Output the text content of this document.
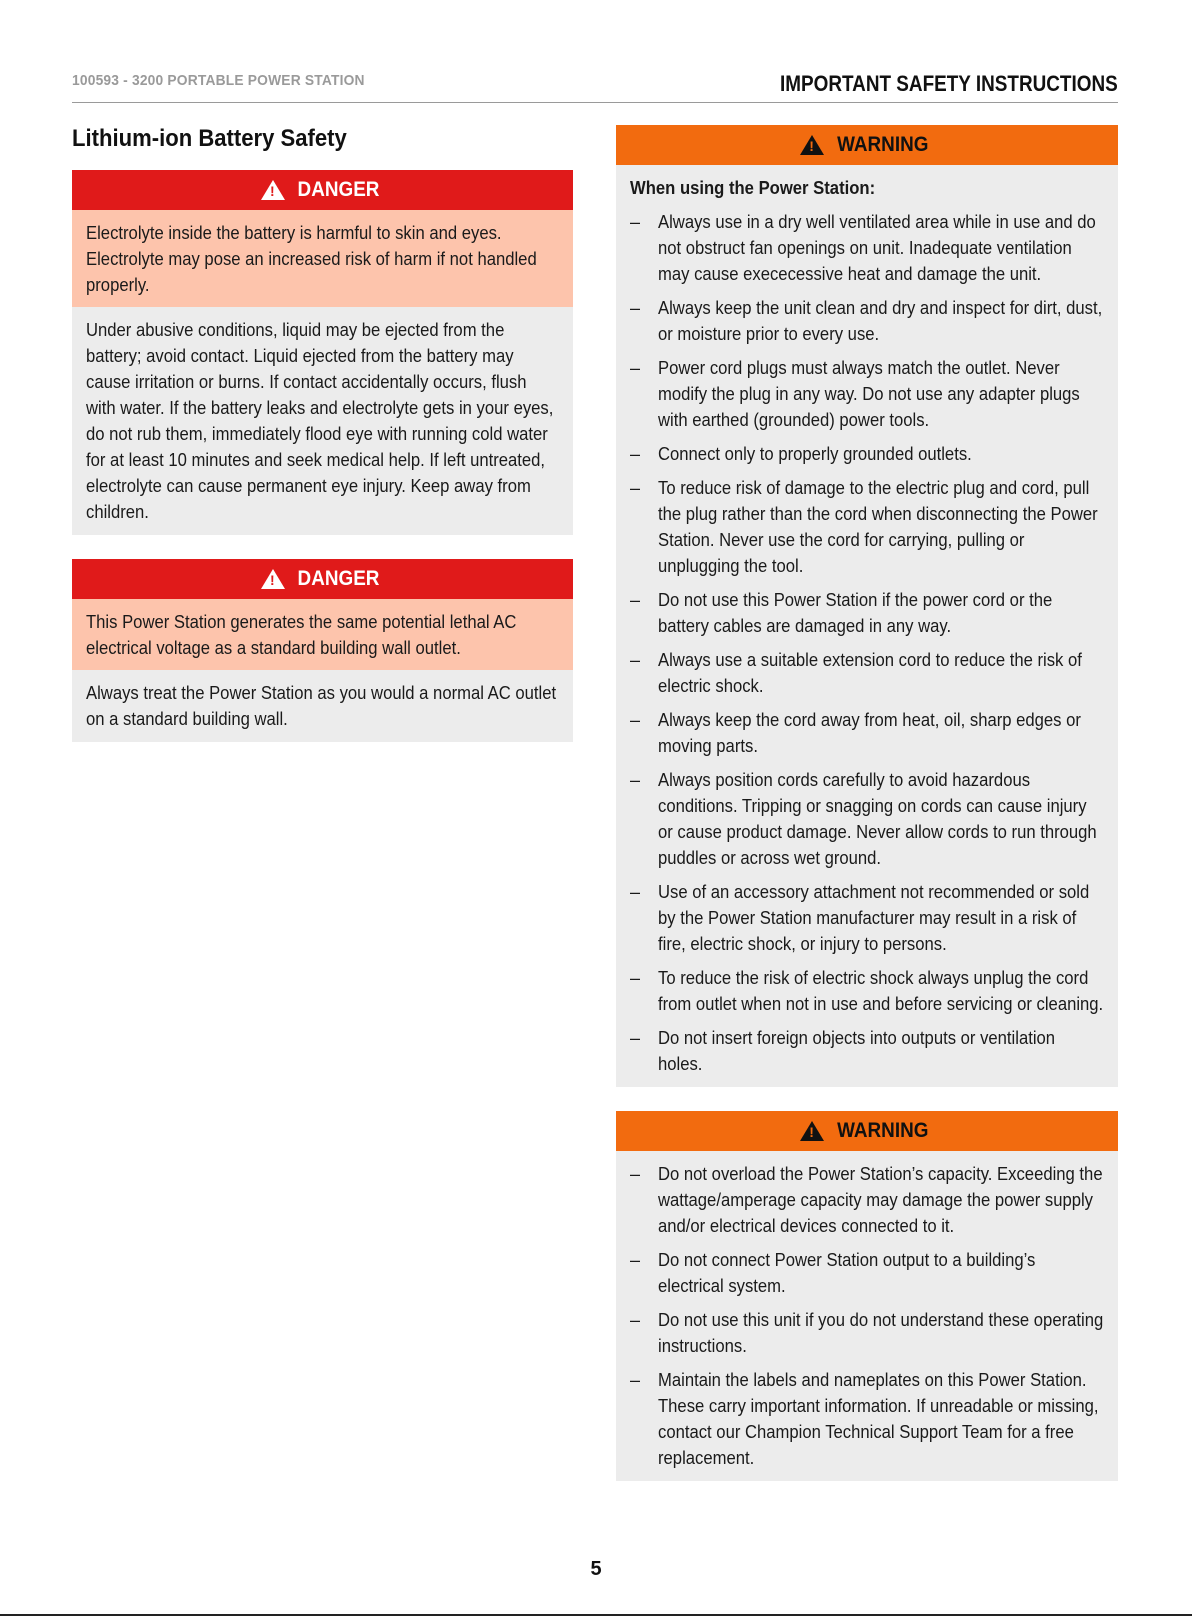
100593 - 3200 PORTABLE POWER STATION	IMPORTANT SAFETY INSTRUCTIONS
Lithium-ion Battery Safety
!
DANGER

Electrolyte inside the battery is harmful to skin and eyes. Electrolyte may pose an increased risk of harm if not handled properly.

Under abusive conditions, liquid may be ejected from the battery; avoid contact. Liquid ejected from the battery may cause irritation or burns. If contact accidentally occurs, flush with water. If the battery leaks and electrolyte gets in your eyes, do not rub them, immediately flood eye with running cold water for at least 10 minutes and seek medical help. If left untreated, electrolyte can cause permanent eye injury. Keep away from children.

!
DANGER

This Power Station generates the same potential lethal AC electrical voltage as a standard building wall outlet.

Always treat the Power Station as you would a normal AC outlet on a standard building wall.

!
WARNING

When using the Power Station:

– Always use in a dry well ventilated area while in use and do not obstruct fan openings on unit. Inadequate ventilation may cause exececessive heat and damage the unit.
– Always keep the unit clean and dry and inspect for dirt, dust, or moisture prior to every use.
– Power cord plugs must always match the outlet. Never modify the plug in any way. Do not use any adapter plugs with earthed (grounded) power tools.
– Connect only to properly grounded outlets.
– To reduce risk of damage to the electric plug and cord, pull the plug rather than the cord when disconnecting the Power Station. Never use the cord for carrying, pulling or unplugging the tool.
– Do not use this Power Station if the power cord or the battery cables are damaged in any way.
– Always use a suitable extension cord to reduce the risk of electric shock.
– Always keep the cord away from heat, oil, sharp edges or moving parts.
– Always position cords carefully to avoid hazardous conditions. Tripping or snagging on cords can cause injury or cause product damage. Never allow cords to run through puddles or across wet ground.
– Use of an accessory attachment not recommended or sold by the Power Station manufacturer may result in a risk of fire, electric shock, or injury to persons.
– To reduce the risk of electric shock always unplug the cord from outlet when not in use and before servicing or cleaning.
– Do not insert foreign objects into outputs or ventilation holes.
!
WARNING
– Do not overload the Power Station’s capacity. Exceeding the wattage/amperage capacity may damage the power supply and/or electrical devices connected to it.
– Do not connect Power Station output to a building’s electrical system.
– Do not use this unit if you do not understand these operating instructions.
– Maintain the labels and nameplates on this Power Station. These carry important information. If unreadable or missing, contact our Champion Technical Support Team for a free replacement.
5
